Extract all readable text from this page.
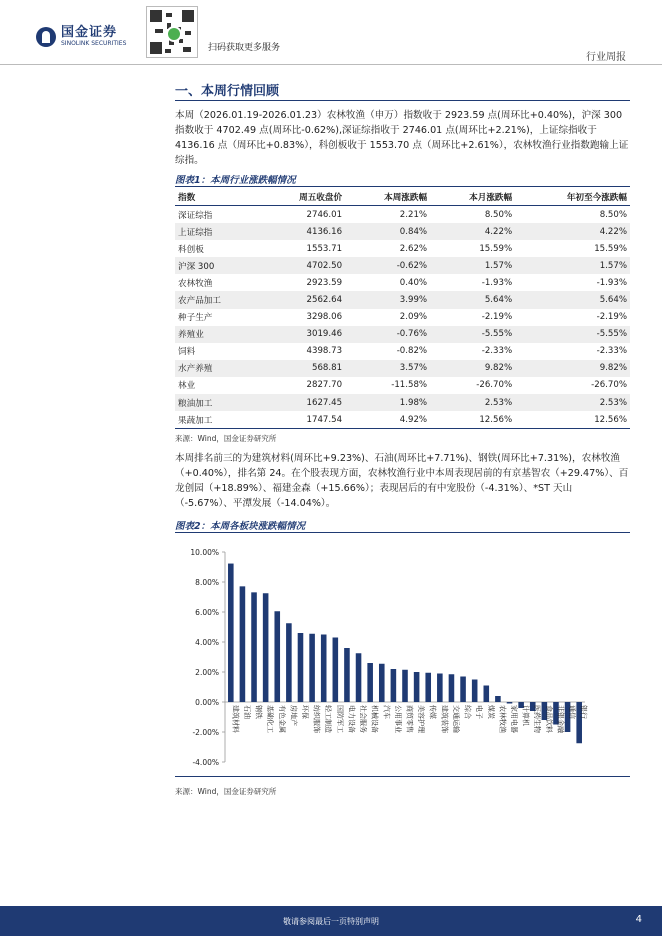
国金证券
SINOLINK SECURITIES	扫码获取更多服务
行业周报
一、本周行情回顾

本周（2026.01.19-2026.01.23）农林牧渔（申万）指数收于 2923.59 点(周环比+0.40%)，沪深 300 指数收于 4702.49 点(周环比-0.62%),深证综指收于 2746.01 点(周环比+2.21%)，上证综指收于 4136.16 点（周环比+0.83%），科创板收于 1553.70 点（周环比+2.61%），农林牧渔行业指数跑输上证综指。

图表1：本周行业涨跌幅情况
指数	周五收盘价	本周涨跌幅	本月涨跌幅	年初至今涨跌幅
深证综指	2746.01	2.21%	8.50%	8.50%
上证综指	4136.16	0.84%	4.22%	4.22%
科创板	1553.71	2.62%	15.59%	15.59%
沪深 300	4702.50	-0.62%	1.57%	1.57%
农林牧渔	2923.59	0.40%	-1.93%	-1.93%
农产品加工	2562.64	3.99%	5.64%	5.64%
种子生产	3298.06	2.09%	-2.19%	-2.19%
养殖业	3019.46	-0.76%	-5.55%	-5.55%
饲料	4398.73	-0.82%	-2.33%	-2.33%
水产养殖	568.81	3.57%	9.82%	9.82%
林业	2827.70	-11.58%	-26.70%	-26.70%
粮油加工	1627.45	1.98%	2.53%	2.53%
果蔬加工	1747.54	4.92%	12.56%	12.56%
来源：Wind，国金证券研究所

本周排名前三的为建筑材料(周环比+9.23%)、石油(周环比+7.71%)、钢铁(周环比+7.31%)，农林牧渔（+0.40%），排名第 24。在个股表现方面，农林牧渔行业中本周表现居前的有京基智农（+29.47%）、百龙创园（+18.89%）、福建金森（+15.66%）；表现居后的有中宠股份（-4.31%）、*ST 天山（-5.67%）、平潭发展（-14.04%）。

图表2：本周各板块涨跌幅情况
-4.00%
-2.00%
0.00%
2.00%
4.00%
6.00%
8.00%
10.00%
建筑材料 石油 钢铁 基础化工 有色金属 房地产 环保 纺织服饰 轻工制造 国防军工 电力设备 社会服务 机械设备 汽车 公用事业 商贸零售 美容护理 传媒 建筑装饰 交通运输 综合 电子 煤炭 农林牧渔 家用电器 计算机 医药生物 食品饮料 非银金融 通信 银行
来源：Wind，国金证券研究所
敬请参阅最后一页特别声明	4
